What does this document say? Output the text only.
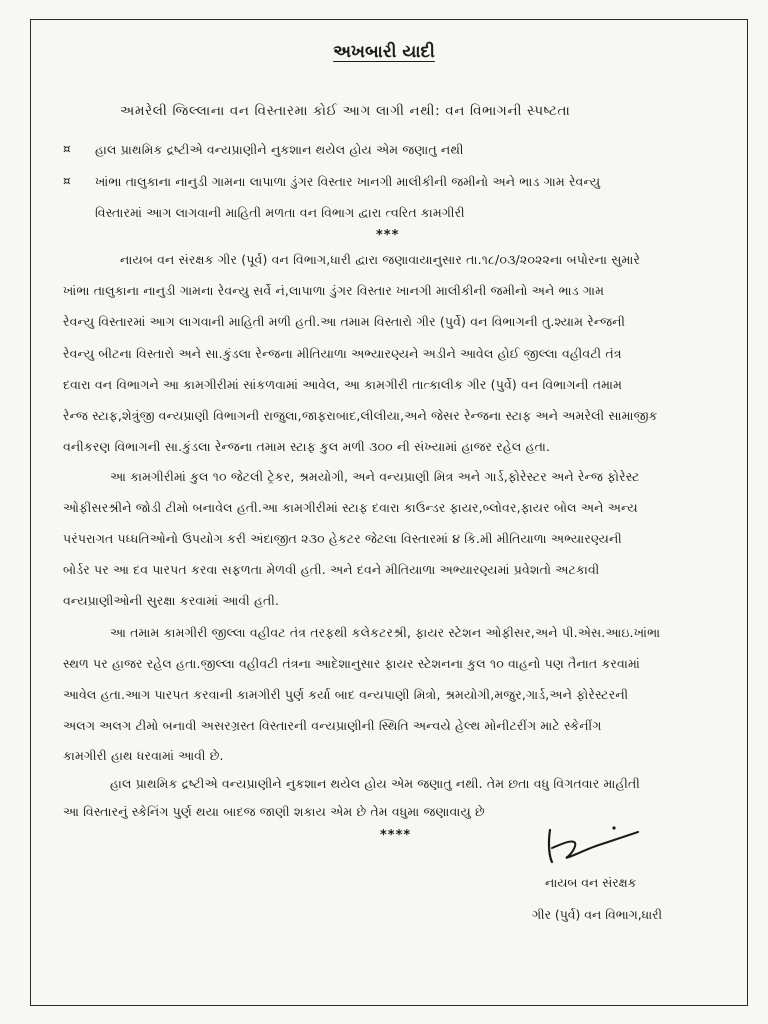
અખબારી યાદી
અમરેલી જિલ્લાના વન વિસ્તારમા કોઈ આગ લાગી નથી: વન વિભાગની સ્પષ્ટતા
¤ હાલ પ્રાથમિક દ્રષ્ટીએ વન્યપ્રાણીને નુકશાન થયેલ હોય એમ જણાતુ નથી
¤ ખાંભા તાલુકાના નાનુડી ગામના લાપાળા ડુંગર વિસ્તાર ખાનગી માલીકીની જમીનો અને ભાડ ગામ રેવન્યુ
વિસ્તારમાં આગ લાગવાની માહિતી મળતા વન વિભાગ દ્વારા ત્વરિત કામગીરી
***
નાયબ વન સંરક્ષક ગીર (પૂર્વ) વન વિભાગ,ધારી દ્વારા જણાવાયાનુસાર તા.૧૮/૦૩/૨૦૨૨ના બપોરના સુમારે
ખાંભા તાલુકાના નાનુડી ગામના રેવન્યુ સર્વે નં,લાપાળા ડુંગર વિસ્તાર ખાનગી માલીકીની જમીનો અને ભાડ ગામ
રેવન્યુ વિસ્તારમાં આગ લાગવાની માહિતી મળી હતી.આ તમામ વિસ્તારો ગીર (પુર્વે) વન વિભાગની તુ.શ્યામ રેન્જની
રેવન્યુ બીટના વિસ્તારો અને સા.કુંડલા રેન્જના મીતિયાળા અભ્યારણ્યને અડીને આવેલ હોઈ જીલ્લા વહીવટી તંત્ર
દવારા વન વિભાગને આ કામગીરીમાં સાંકળવામાં આવેલ, આ કામગીરી તાત્કાલીક ગીર (પુર્વે) વન વિભાગની તમામ
રેન્જ સ્ટાફ,શેત્રુંજી વન્યપ્રાણી વિભાગની રાજુલા,જાફરાબાદ,લીલીયા,અને જેસર રેન્જના સ્ટાફ અને અમરેલી સામાજીક
વનીકરણ વિભાગની સા.કુંડલા રેન્જના તમામ સ્ટાફ કુલ મળી ૩૦૦ ની સંખ્યામાં હાજર રહેલ હતા.
આ કામગીરીમાં કુલ ૧૦ જેટલી ટ્રેકર, શ્રમયોગી, અને વન્યપ્રાણી મિત્ર અને ગાર્ડ,ફોરેસ્ટર અને રેન્જ ફોરેસ્ટ
ઓફીસરશ્રીને જોડી ટીમો બનાવેલ હતી.આ કામગીરીમાં સ્ટાફ દવારા કાઉન્ડર ફાયર,બ્લોવર,ફાયર બોલ અને અન્ય
પરંપરાગત પધ્ધતિઓનો ઉપયોગ કરી અંદાજીત ૨૩૦ હેકટર જેટલા વિસ્તારમાં ૪ કિ.મી મીતિયાળા અભ્યારણ્યની
બોર્ડર પર આ દવ પારપત કરવા સફળતા મેળવી હતી. અને દવને મીતિયાળા અભ્યારણ્યમાં પ્રવેશતો અટકાવી
વન્યપ્રાણીઓની સુરક્ષા કરવામાં આવી હતી.
આ તમામ કામગીરી જીલ્લા વહીવટ તંત્ર તરફથી કલેકટરશ્રી, ફાયર સ્ટેશન ઓફીસર,અને પી.એસ.આઇ.ખાંભા
સ્થળ પર હાજર રહેલ હતા.જીલ્લા વહીવટી તંત્રના આદેશાનુસાર ફાયર સ્ટેશનના કુલ ૧૦ વાહનો પણ તૈનાત કરવામાં
આવેલ હતા.આગ પારપત કરવાની કામગીરી પુર્ણ કર્યા બાદ વન્યપાણી મિત્રો, શ્રમયોગી,મજુર,ગાર્ડ,અને ફોરેસ્ટરની
અલગ અલગ ટીમો બનાવી અસરગ્રસ્ત વિસ્તારની વન્યપ્રાણીની સ્થિતિ અન્વયે હેલ્થ મોનીટરીંગ માટે સ્કેનીંગ
કામગીરી હાથ ધરવામાં આવી છે.
હાલ પ્રાથમિક દ્રષ્ટીએ વન્યપ્રાણીને નુકશાન થયેલ હોય એમ જણાતુ નથી. તેમ છતા વધુ વિગતવાર માહીતી
આ વિસ્તારનું સ્કેનિંગ પુર્ણ થયા બાદજ જાણી શકાય એમ છે તેમ વધુમા જણાવાયુ છે
****
નાયબ વન સંરક્ષક
ગીર (પુર્વ) વન વિભાગ,ધારી
